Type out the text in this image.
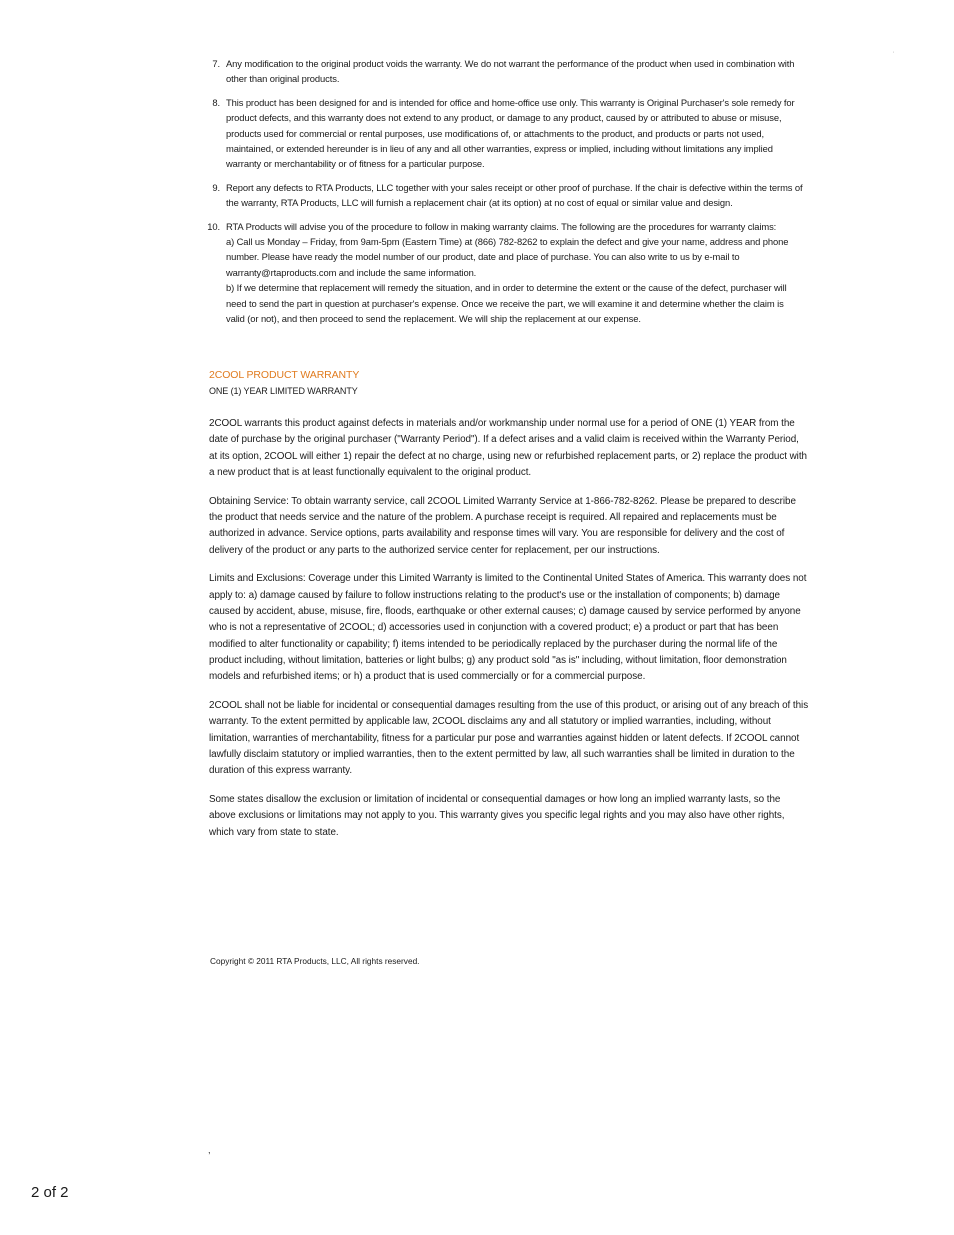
'
7. Any modification to the original product voids the warranty. We do not warrant the performance of the product when used in combination with other than original products.

8. This product has been designed for and is intended for office and home-office use only. This warranty is Original Purchaser's sole remedy for product defects, and this warranty does not extend to any product, or damage to any product, caused by or attributed to abuse or misuse, products used for commercial or rental purposes, use modifications of, or attachments to the product, and products or parts not used, maintained, or extended hereunder is in lieu of any and all other warranties, express or implied, including without limitations any implied warranty or merchantability or of fitness for a particular purpose.

9. Report any defects to RTA Products, LLC together with your sales receipt or other proof of purchase. If the chair is defective within the terms of the warranty, RTA Products, LLC will furnish a replacement chair (at its option) at no cost of equal or similar value and design.

10. RTA Products will advise you of the procedure to follow in making warranty claims. The following are the procedures for warranty claims:

a) Call us Monday – Friday, from 9am-5pm (Eastern Time) at (866) 782-8262 to explain the defect and give your name, address and phone number. Please have ready the model number of our product, date and place of purchase. You can also write to us by e-mail to warranty@rtaproducts.com and include the same information.

b) If we determine that replacement will remedy the situation, and in order to determine the extent or the cause of the defect, purchaser will need to send the part in question at purchaser's expense. Once we receive the part, we will examine it and determine whether the claim is valid (or not), and then proceed to send the replacement. We will ship the replacement at our expense.

2COOL PRODUCT WARRANTY
ONE (1) YEAR LIMITED WARRANTY

2COOL warrants this product against defects in materials and/or workmanship under normal use for a period of ONE (1) YEAR from the date of purchase by the original purchaser ("Warranty Period"). If a defect arises and a valid claim is received within the Warranty Period, at its option, 2COOL will either 1) repair the defect at no charge, using new or refurbished replacement parts, or 2) replace the product with a new product that is at least functionally equivalent to the original product.

Obtaining Service: To obtain warranty service, call 2COOL Limited Warranty Service at 1-866-782-8262. Please be prepared to describe the product that needs service and the nature of the problem. A purchase receipt is required. All repaired and replacements must be authorized in advance. Service options, parts availability and response times will vary. You are responsible for delivery and the cost of delivery of the product or any parts to the authorized service center for replacement, per our instructions.

Limits and Exclusions: Coverage under this Limited Warranty is limited to the Continental United States of America. This warranty does not apply to: a) damage caused by failure to follow instructions relating to the product's use or the installation of components; b) damage caused by accident, abuse, misuse, fire, floods, earthquake or other external causes; c) damage caused by service performed by anyone who is not a representative of 2COOL; d) accessories used in conjunction with a covered product; e) a product or part that has been modified to alter functionality or capability; f) items intended to be periodically replaced by the purchaser during the normal life of the product including, without limitation, batteries or light bulbs; g) any product sold "as is" including, without limitation, floor demonstration models and refurbished items; or h) a product that is used commercially or for a commercial purpose.

2COOL shall not be liable for incidental or consequential damages resulting from the use of this product, or arising out of any breach of this warranty. To the extent permitted by applicable law, 2COOL disclaims any and all statutory or implied warranties, including, without limitation, warranties of merchantability, fitness for a particular pur pose and warranties against hidden or latent defects. If 2COOL cannot lawfully disclaim statutory or implied warranties, then to the extent permitted by law, all such warranties shall be limited in duration to the duration of this express warranty.

Some states disallow the exclusion or limitation of incidental or consequential damages or how long an implied warranty lasts, so the above exclusions or limitations may not apply to you. This warranty gives you specific legal rights and you may also have other rights, which vary from state to state.

Copyright © 2011 RTA Products, LLC, All rights reserved.
,
2 of 2
